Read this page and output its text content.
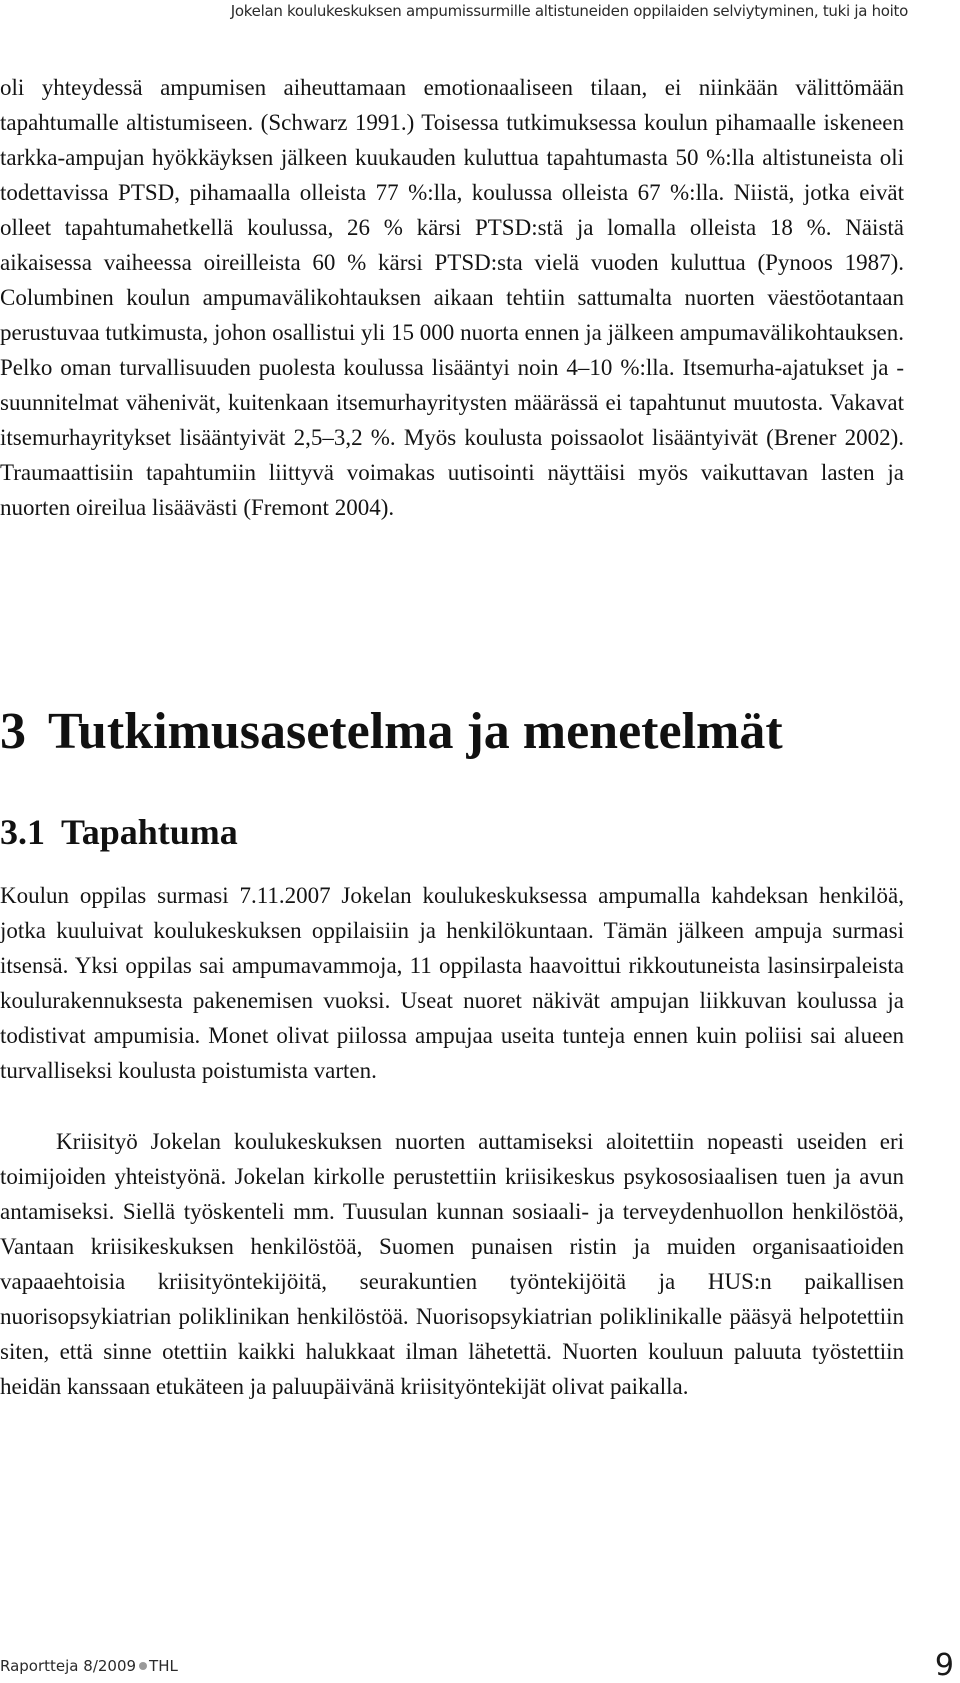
Jokelan koulukeskuksen ampumissurmille altistuneiden oppilaiden selviytyminen, tuki ja hoito

oli yhteydessä ampumisen aiheuttamaan emotionaaliseen tilaan, ei niinkään välittömään tapahtumalle altistumiseen. (Schwarz 1991.) Toisessa tutkimuksessa koulun pihamaalle iskeneen tarkka-ampujan hyökkäyksen jälkeen kuukauden kuluttua tapahtumasta 50 %:lla altistuneista oli todettavissa PTSD, pihamaalla olleista 77 %:lla, koulussa olleista 67 %:lla. Niistä, jotka eivät olleet tapahtumahetkellä koulussa, 26 % kärsi PTSD:stä ja lomalla olleista 18 %. Näistä aikaisessa vaiheessa oireilleista 60 % kärsi PTSD:sta vielä vuoden kuluttua (Pynoos 1987). Columbinen koulun ampumavälikohtauksen aikaan tehtiin sattumalta nuorten väestöotantaan perustuvaa tutkimusta, johon osallistui yli 15 000 nuorta ennen ja jälkeen ampumavälikohtauksen. Pelko oman turvallisuuden puolesta koulussa lisääntyi noin 4–10 %:lla. Itsemurha-ajatukset ja -suunnitelmat vähenivät, kuitenkaan itsemurhayritysten määrässä ei tapahtunut muutosta. Vakavat itsemurhayritykset lisääntyivät 2,5–3,2 %. Myös koulusta poissaolot lisääntyivät (Brener 2002). Traumaattisiin tapahtumiin liittyvä voimakas uutisointi näyttäisi myös vaikuttavan lasten ja nuorten oireilua lisäävästi (Fremont 2004).

3 Tutkimusasetelma ja menetelmät
3.1 Tapahtuma

Koulun oppilas surmasi 7.11.2007 Jokelan koulukeskuksessa ampumalla kahdeksan henkilöä, jotka kuuluivat koulukeskuksen oppilaisiin ja henkilökuntaan. Tämän jälkeen ampuja surmasi itsensä. Yksi oppilas sai ampumavammoja, 11 oppilasta haavoittui rikkoutuneista lasinsirpaleista koulurakennuksesta pakenemisen vuoksi. Useat nuoret näkivät ampujan liikkuvan koulussa ja todistivat ampumisia. Monet olivat piilossa ampujaa useita tunteja ennen kuin poliisi sai alueen turvalliseksi koulusta poistumista varten.

Kriisityö Jokelan koulukeskuksen nuorten auttamiseksi aloitettiin nopeasti useiden eri toimijoiden yhteistyönä. Jokelan kirkolle perustettiin kriisikeskus psykososiaalisen tuen ja avun antamiseksi. Siellä työskenteli mm. Tuusulan kunnan sosiaali- ja terveydenhuollon henkilöstöä, Vantaan kriisikeskuksen henkilöstöä, Suomen punaisen ristin ja muiden organisaatioiden vapaaehtoisia kriisityöntekijöitä, seurakuntien työntekijöitä ja HUS:n paikallisen nuorisopsykiatrian poliklinikan henkilöstöä. Nuorisopsykiatrian poliklinikalle pääsyä helpotettiin siten, että sinne otettiin kaikki halukkaat ilman lähetettä. Nuorten kouluun paluuta työstettiin heidän kanssaan etukäteen ja paluupäivänä kriisityöntekijät olivat paikalla.

Raportteja 8/2009 THL	9
